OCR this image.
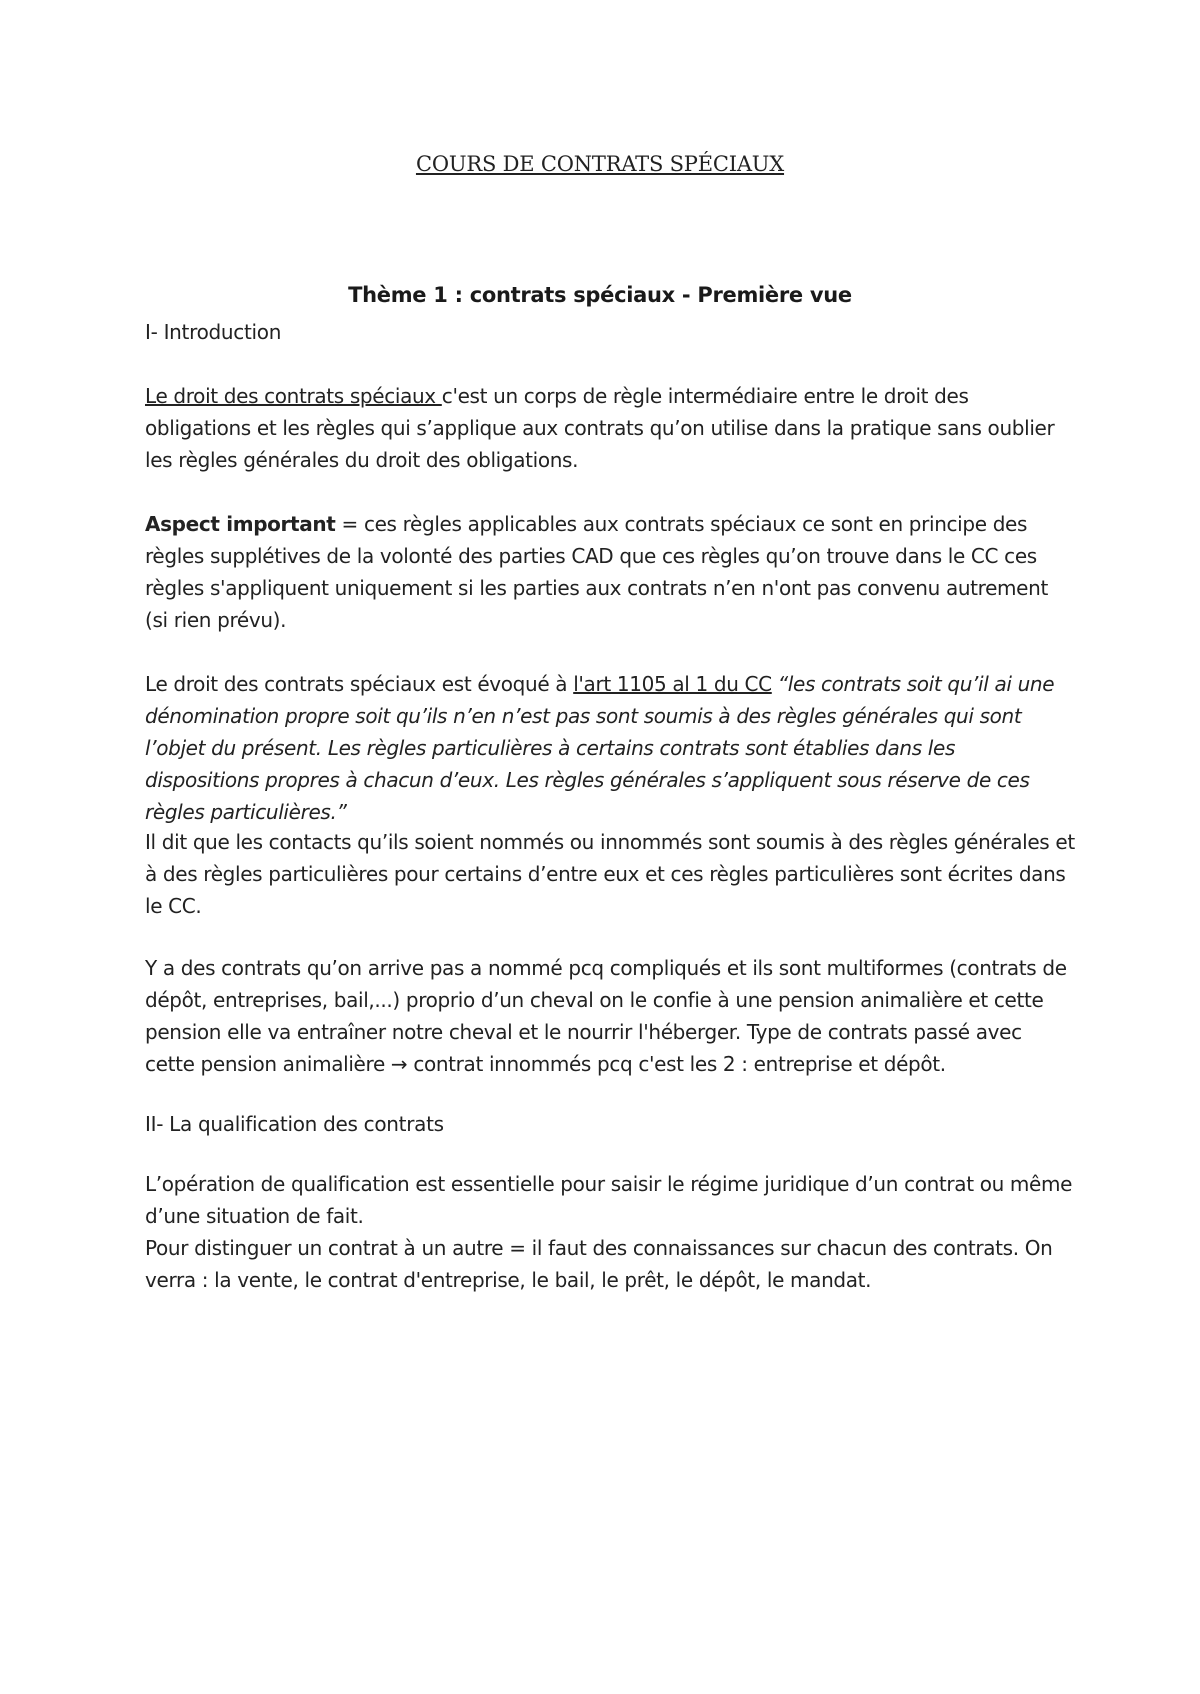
COURS DE CONTRATS SPÉCIAUX
Thème 1 : contrats spéciaux - Première vue
I- Introduction
Le droit des contrats spéciaux c'est un corps de règle intermédiaire entre le droit des obligations et les règles qui s’applique aux contrats qu’on utilise dans la pratique sans oublier les règles générales du droit des obligations.
Aspect important = ces règles applicables aux contrats spéciaux ce sont en principe des règles supplétives de la volonté des parties CAD que ces règles qu’on trouve dans le CC ces règles s'appliquent uniquement si les parties aux contrats n’en n'ont pas convenu autrement (si rien prévu).
Le droit des contrats spéciaux est évoqué à l'art 1105 al 1 du CC “les contrats soit qu’il ai une dénomination propre soit qu’ils n’en n’est pas sont soumis à des règles générales qui sont l’objet du présent. Les règles particulières à certains contrats sont établies dans les dispositions propres à chacun d’eux. Les règles générales s’appliquent sous réserve de ces règles particulières.”
Il dit que les contacts qu’ils soient nommés ou innommés sont soumis à des règles générales et à des règles particulières pour certains d’entre eux et ces règles particulières sont écrites dans le CC.
Y a des contrats qu’on arrive pas a nommé pcq compliqués et ils sont multiformes (contrats de dépôt, entreprises, bail,...) proprio d’un cheval on le confie à une pension animalière et cette pension elle va entraîner notre cheval et le nourrir l'héberger. Type de contrats passé avec cette pension animalière → contrat innommés pcq c'est les 2 : entreprise et dépôt.
II- La qualification des contrats
L’opération de qualification est essentielle pour saisir le régime juridique d’un contrat ou même d’une situation de fait.
Pour distinguer un contrat à un autre = il faut des connaissances sur chacun des contrats. On verra : la vente, le contrat d'entreprise, le bail, le prêt, le dépôt, le mandat.
